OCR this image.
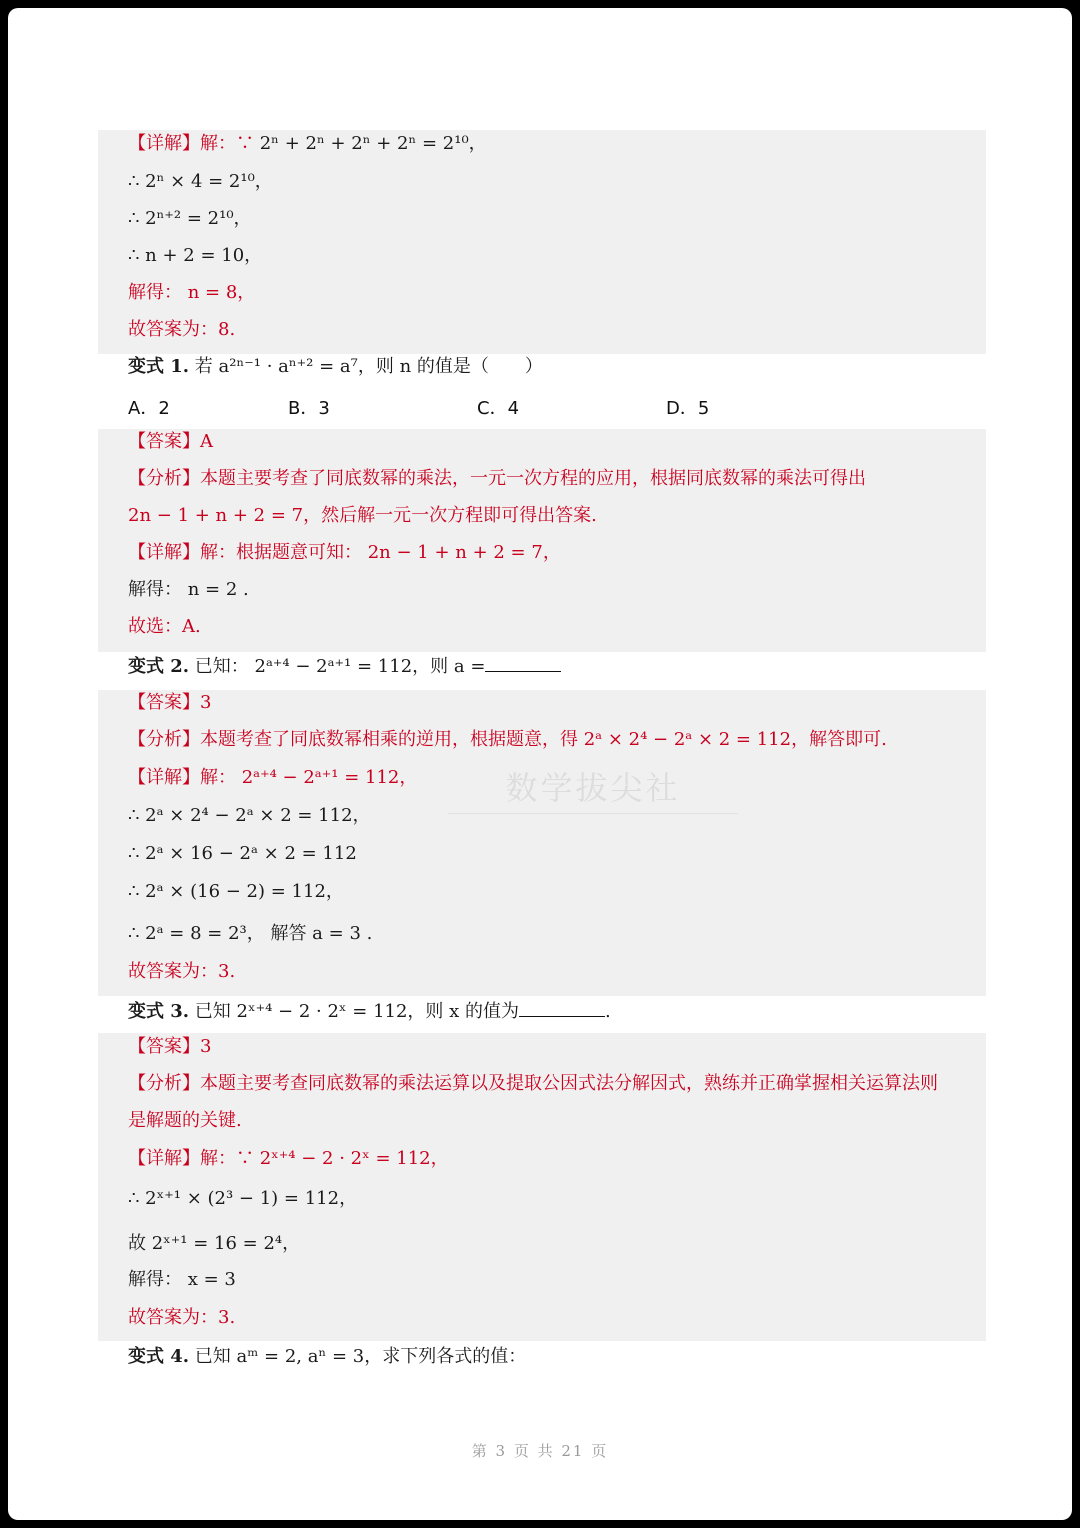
【详解】解：∵ 2ⁿ + 2ⁿ + 2ⁿ + 2ⁿ = 2¹⁰，
∴ 2ⁿ × 4 = 2¹⁰，
∴ 2ⁿ⁺² = 2¹⁰，
∴ n + 2 = 10，
解得： n = 8，
故答案为：8.
变式 1. 若 a²ⁿ⁻¹ · aⁿ⁺² = a⁷，则 n 的值是（　　）
A．2	B．3	C．4	D．5
【答案】A
【分析】本题主要考查了同底数幂的乘法，一元一次方程的应用，根据同底数幂的乘法可得出
2n − 1 + n + 2 = 7，然后解一元一次方程即可得出答案.
【详解】解：根据题意可知： 2n − 1 + n + 2 = 7，
解得： n = 2 .
故选：A.
变式 2. 已知： 2ᵃ⁺⁴ − 2ᵃ⁺¹ = 112，则 a =
【答案】3
【分析】本题考查了同底数幂相乘的逆用，根据题意，得 2ᵃ × 2⁴ − 2ᵃ × 2 = 112，解答即可.
【详解】解： 2ᵃ⁺⁴ − 2ᵃ⁺¹ = 112，
∴ 2ᵃ × 2⁴ − 2ᵃ × 2 = 112，
∴ 2ᵃ × 16 − 2ᵃ × 2 = 112
∴ 2ᵃ × (16 − 2) = 112，
∴ 2ᵃ = 8 = 2³， 解答 a = 3 .
故答案为：3.
数学拔尖社
变式 3. 已知 2ˣ⁺⁴ − 2 · 2ˣ = 112，则 x 的值为	.
【答案】3
【分析】本题主要考查同底数幂的乘法运算以及提取公因式法分解因式，熟练并正确掌握相关运算法则
是解题的关键.
【详解】解：∵ 2ˣ⁺⁴ − 2 · 2ˣ = 112，
∴ 2ˣ⁺¹ × (2³ − 1) = 112，
故 2ˣ⁺¹ = 16 = 2⁴，
解得： x = 3
故答案为：3.
变式 4. 已知 aᵐ = 2, aⁿ = 3，求下列各式的值：
第 3 页 共 21 页
